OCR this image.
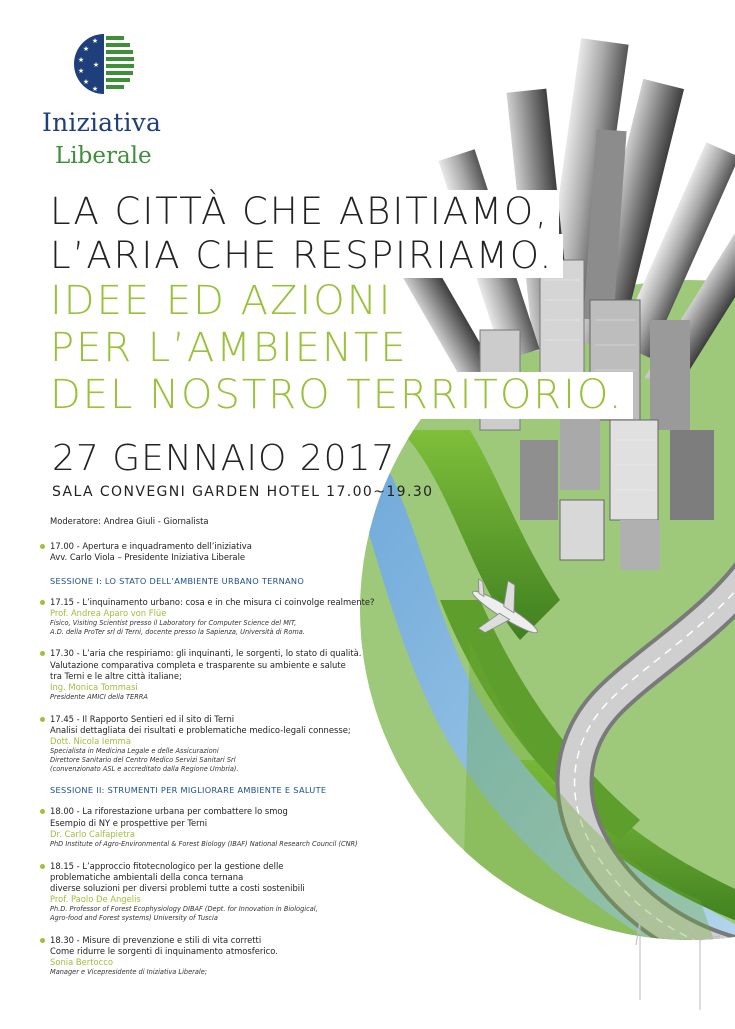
★
★
★
★
★
★
★
Iniziativa
Liberale
LA CITTÀ CHE ABITIAMO,
L’ARIA CHE RESPIRIAMO.
IDEE ED AZIONI
PER L’AMBIENTE
DEL NOSTRO TERRITORIO.
27 GENNAIO 2017
SALA CONVEGNI GARDEN HOTEL 17.00~19.30
Moderatore: Andrea Giuli - Giornalista
17.00 - Apertura e inquadramento dell’iniziativa
Avv. Carlo Viola – Presidente Iniziativa Liberale
SESSIONE I: LO STATO DELL’AMBIENTE URBANO TERNANO
17.15 - L’inquinamento urbano: cosa e in che misura ci coinvolge realmente?
Prof. Andrea Aparo von Flüe
Fisico, Visiting Scientist presso il Laboratory for Computer Science del MIT,
A.D. della ProTer srl di Terni, docente presso la Sapienza, Università di Roma.
17.30 - L’aria che respiriamo: gli inquinanti, le sorgenti, lo stato di qualità.
Valutazione comparativa completa e trasparente su ambiente e salute tra Terni e le altre città italiane;
Ing. Monica Tommasi
Presidente AMICI della TERRA
17.45 - Il Rapporto Sentieri ed il sito di Terni
Analisi dettagliata dei risultati e problematiche medico-legali connesse;
Dott. Nicola Iemma
Specialista in Medicina Legale e delle Assicurazioni
Direttore Sanitario del Centro Medico Servizi Sanitari Srl
(convenzionato ASL e accreditato dalla Regione Umbria).
SESSIONE II: STRUMENTI PER MIGLIORARE AMBIENTE E SALUTE
18.00 - La riforestazione urbana per combattere lo smog
Esempio di NY e prospettive per Terni
Dr. Carlo Calfapietra
PhD Institute of Agro-Environmental & Forest Biology (IBAF) National Research Council (CNR)
18.15 - L’approccio fitotecnologico per la gestione delle problematiche ambientali della conca ternana
diverse soluzioni per diversi problemi tutte a costi sostenibili
Prof. Paolo De Angelis
Ph.D. Professor of Forest Ecophysiology DIBAF (Dept. for Innovation in Biological,
Agro-food and Forest systems) University of Tuscia
18.30 - Misure di prevenzione e stili di vita corretti
Come ridurre le sorgenti di inquinamento atmosferico.
Sonia Bertocco
Manager e Vicepresidente di Iniziativa Liberale;
